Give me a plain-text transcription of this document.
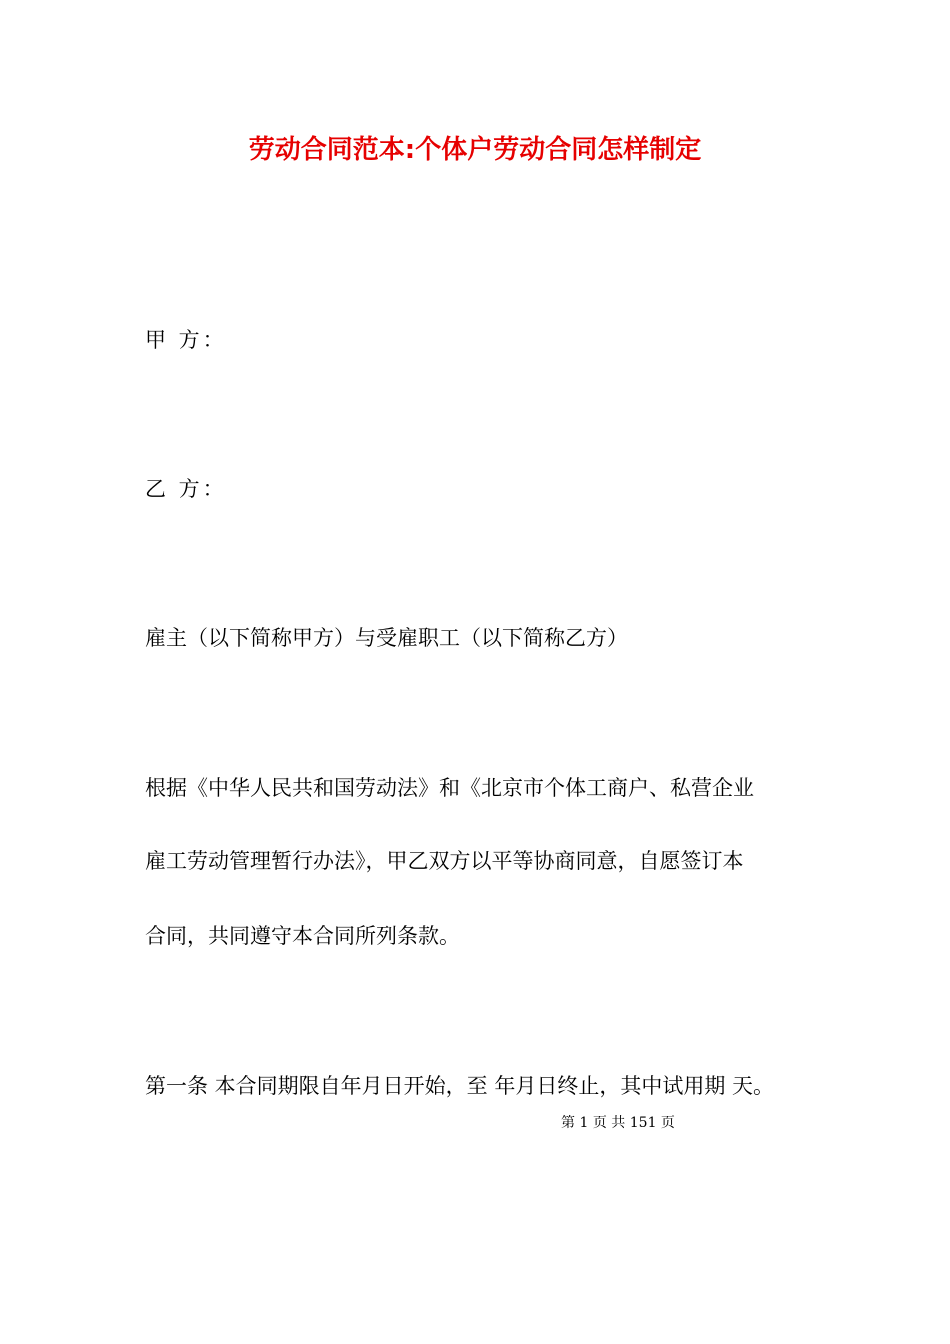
劳动合同范本:个体户劳动合同怎样制定
甲 方：
乙 方：
雇主（以下简称甲方）与受雇职工（以下简称乙方）
根据《中华人民共和国劳动法》和《北京市个体工商户、私营企业
雇工劳动管理暂行办法》，甲乙双方以平等协商同意，自愿签订本
合同，共同遵守本合同所列条款。
第一条 本合同期限自年月日开始，至 年月日终止，其中试用期 天。
第 1 页 共 151 页
